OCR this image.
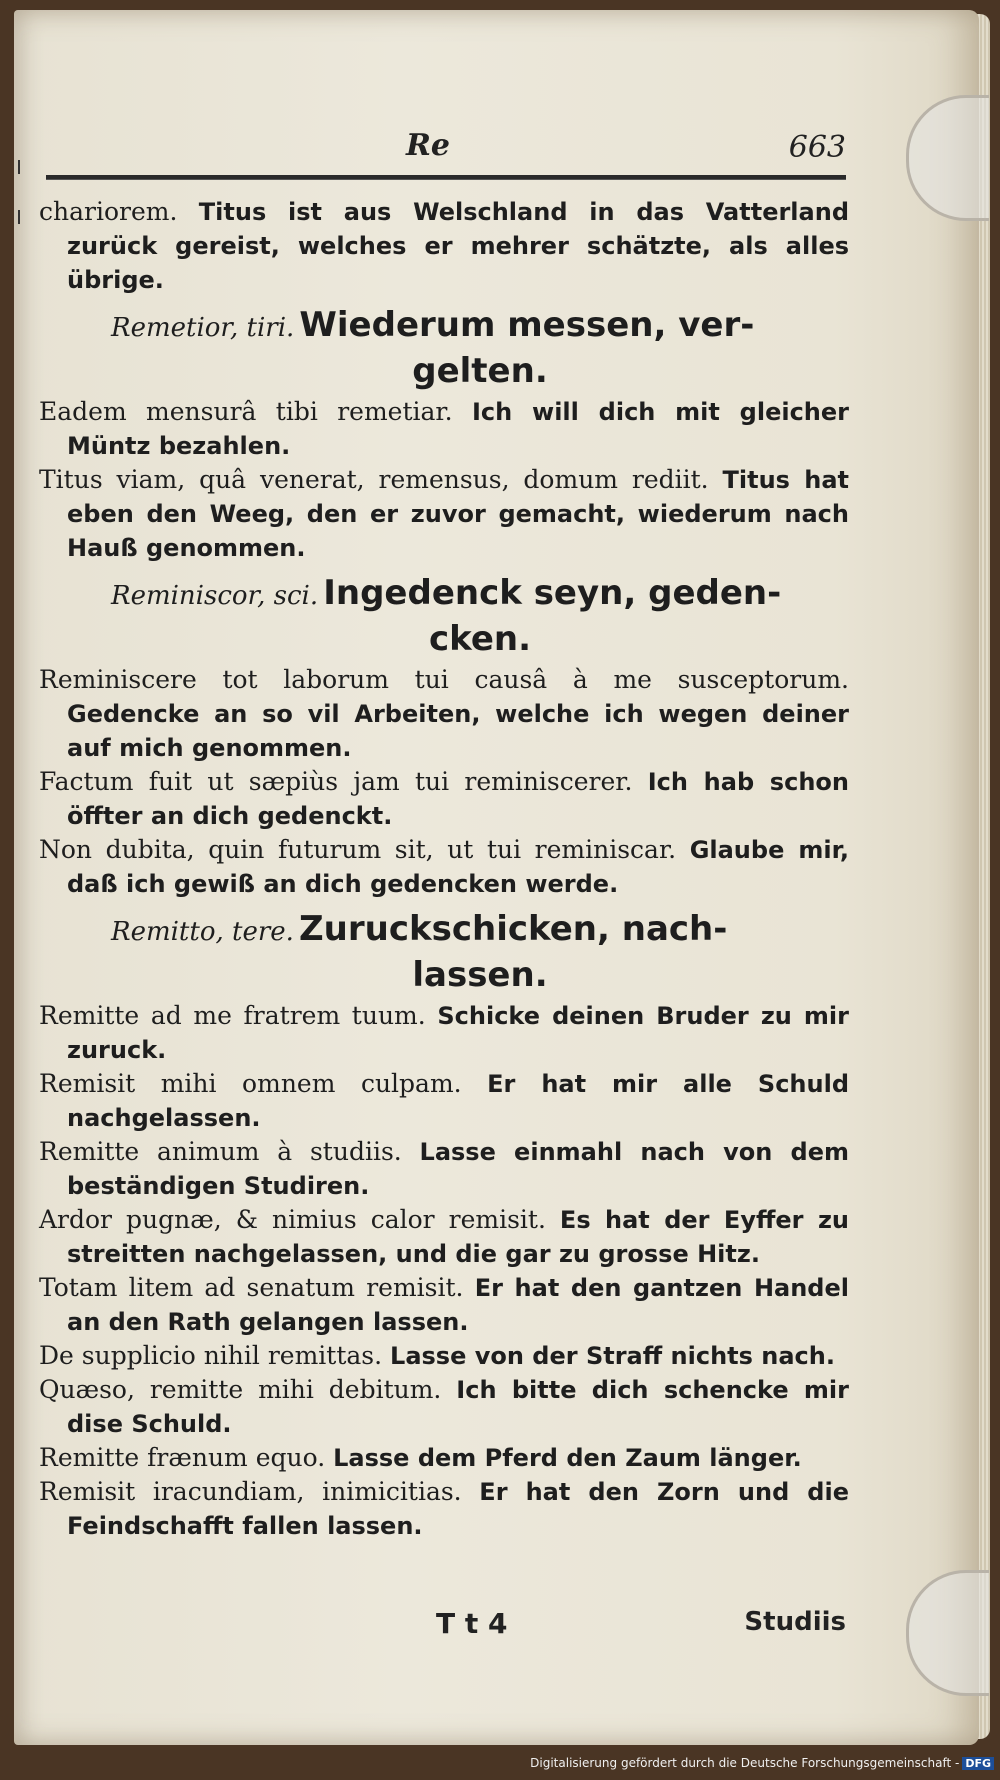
Re	663

chariorem. Titus ist aus Welschland in das Vatterland zurück gereist, welches er mehrer schätzte, als alles übrige.

Remetior, tiri. Wiederum messen, ver-
gelten.

Eadem mensurâ tibi remetiar. Ich will dich mit gleicher Müntz bezahlen.

Titus viam, quâ venerat, remensus, domum rediit. Titus hat eben den Weeg, den er zuvor gemacht, wiederum nach Hauß genommen.

Reminiscor, sci. Ingedenck seyn, geden-
cken.

Reminiscere tot laborum tui causâ à me susceptorum. Gedencke an so vil Arbeiten, welche ich wegen deiner auf mich genommen.

Factum fuit ut sæpiùs jam tui reminiscerer. Ich hab schon öffter an dich gedenckt.

Non dubita, quin futurum sit, ut tui reminiscar. Glaube mir, daß ich gewiß an dich gedencken werde.

Remitto, tere. Zuruckschicken, nach-
lassen.

Remitte ad me fratrem tuum. Schicke deinen Bruder zu mir zuruck.

Remisit mihi omnem culpam. Er hat mir alle Schuld nachgelassen.

Remitte animum à studiis. Lasse einmahl nach von dem beständigen Studiren.

Ardor pugnæ, & nimius calor remisit. Es hat der Eyffer zu streitten nachgelassen, und die gar zu grosse Hitz.

Totam litem ad senatum remisit. Er hat den gantzen Handel an den Rath gelangen lassen.

De supplicio nihil remittas. Lasse von der Straff nichts nach.

Quæso, remitte mihi debitum. Ich bitte dich schencke mir dise Schuld.

Remitte frænum equo. Lasse dem Pferd den Zaum länger.

Remisit iracundiam, inimicitias. Er hat den Zorn und die Feindschafft fallen lassen.

T t 4	Studiis
Digitalisierung gefördert durch die Deutsche Forschungsgemeinschaft - DFG
